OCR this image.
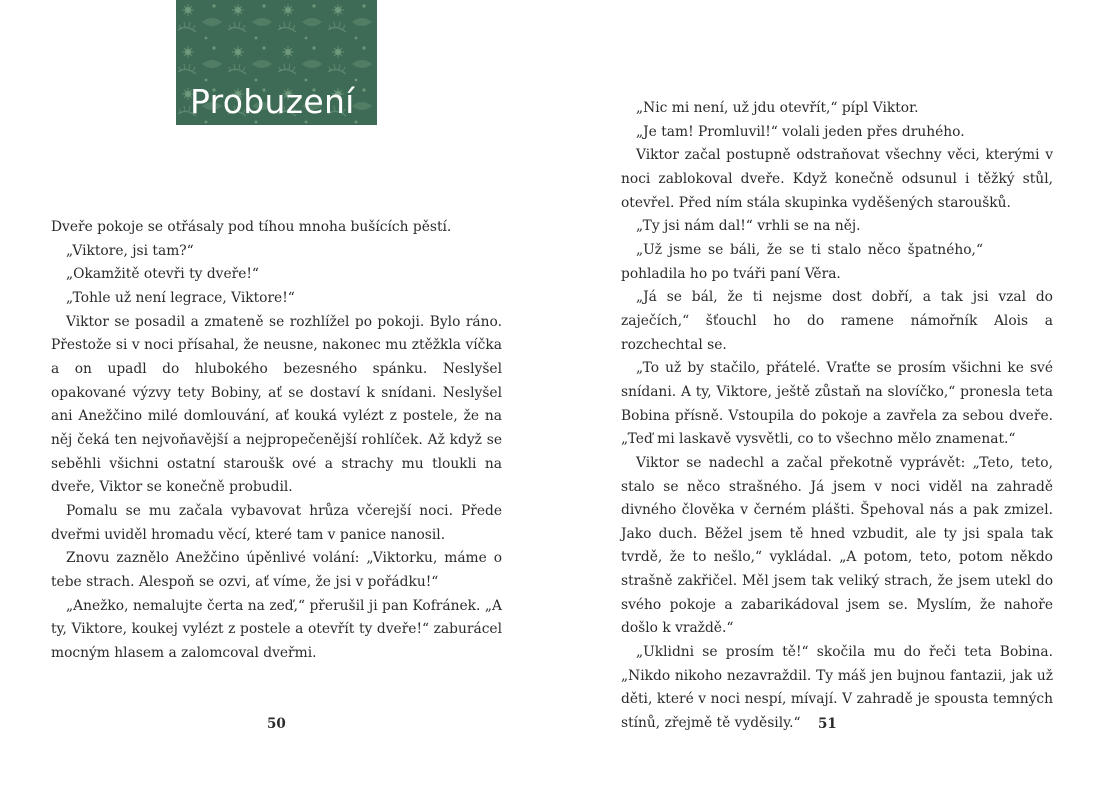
Probuzení

Dveře pokoje se otřásaly pod tíhou mnoha bušících pěstí.

„Viktore, jsi tam?“

„Okamžitě otevři ty dveře!“

„Tohle už není legrace, Viktore!“

Viktor se posadil a zmateně se rozhlížel po pokoji. Bylo ráno. Přestože si v noci přísahal, že neusne, nakonec mu ztěžkla víčka a on upadl do hlubokého bezesného spánku. Neslyšel opakované výzvy tety Bobiny, ať se dostaví k snídani. Neslyšel ani Anežčino milé domlouvání, ať kouká vylézt z postele, že na něj čeká ten nejvoňavější a nejpropečenější rohlíček. Až když se seběhli všichni ostatní staroušk ové a strachy mu tloukli na dveře, Viktor se konečně probudil.

Pomalu se mu začala vybavovat hrůza včerejší noci. Přede dveřmi uviděl hromadu věcí, které tam v panice nanosil.

Znovu zaznělo Anežčino úpěnlivé volání: „Viktorku, máme o tebe strach. Alespoň se ozvi, ať víme, že jsi v pořádku!“

„Anežko, nemalujte čerta na zeď,“ přerušil ji pan Kofránek. „A ty, Viktore, koukej vylézt z postele a otevřít ty dveře!“ zaburácel mocným hlasem a zalomcoval dveřmi.

50

„Nic mi není, už jdu otevřít,“ pípl Viktor.

„Je tam! Promluvil!“ volali jeden přes druhého.

Viktor začal postupně odstraňovat všechny věci, kterými v noci zablokoval dveře. Když konečně odsunul i těžký stůl, otevřel. Před ním stála skupinka vyděšených staroušků.

„Ty jsi nám dal!“ vrhli se na něj.

„Už jsme se báli, že se ti stalo něco špatného,“ pohladila ho po tváři paní Věra.

„Já se bál, že ti nejsme dost dobří, a tak jsi vzal do zaječích,“ šťouchl ho do ramene námořník Alois a rozchechtal se.

„To už by stačilo, přátelé. Vraťte se prosím všichni ke své snídani. A ty, Viktore, ještě zůstaň na slovíčko,“ pronesla teta Bobina přísně. Vstoupila do pokoje a zavřela za sebou dveře. „Teď mi laskavě vysvětli, co to všechno mělo znamenat.“

Viktor se nadechl a začal překotně vyprávět: „Teto, teto, stalo se něco strašného. Já jsem v noci viděl na zahradě divného člověka v černém plášti. Špehoval nás a pak zmizel. Jako duch. Běžel jsem tě hned vzbudit, ale ty jsi spala tak tvrdě, že to nešlo,“ vykládal. „A potom, teto, potom někdo strašně zakřičel. Měl jsem tak veliký strach, že jsem utekl do svého pokoje a zabarikádoval jsem se. Myslím, že nahoře došlo k vraždě.“

„Uklidni se prosím tě!“ skočila mu do řeči teta Bobina. „Nikdo nikoho nezavraždil. Ty máš jen bujnou fantazii, jak už děti, které v noci nespí, mívají. V zahradě je spousta temných stínů, zřejmě tě vyděsily.“	51
